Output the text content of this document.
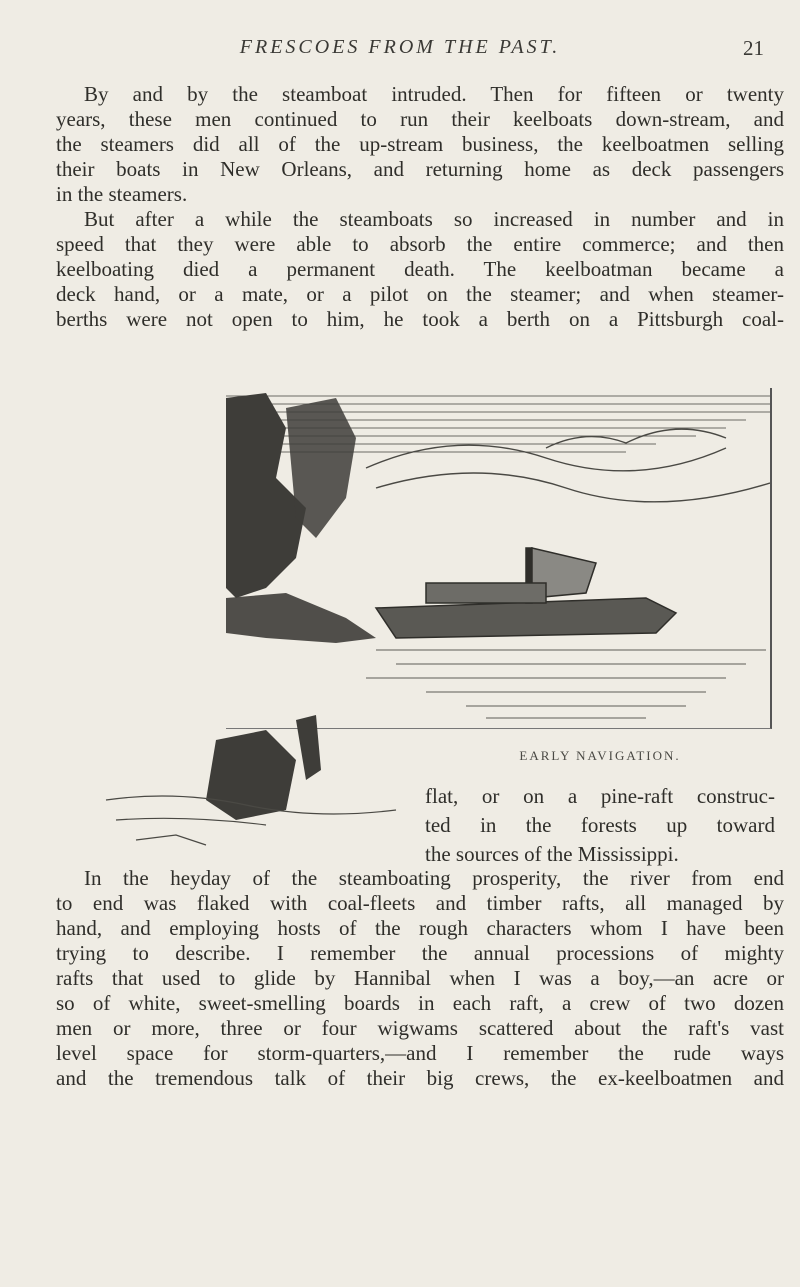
FRESCOES FROM THE PAST.	21
By and by the steamboat intruded. Then for fifteen or twenty
years, these men continued to run their keelboats down-stream, and
the steamers did all of the up-stream business, the keelboatmen selling
their boats in New Orleans, and returning home as deck passengers
in the steamers.
But after a while the steamboats so increased in number and in
speed that they were able to absorb the entire commerce; and then
keelboating died a permanent death. The keelboatman became a
deck hand, or a mate, or a pilot on the steamer; and when steamer-
berths were not open to him, he took a berth on a Pittsburgh coal-
EARLY NAVIGATION.
flat, or on a pine-raft construc-
ted in the forests up toward
the sources of the Mississippi.
In the heyday of the steamboating prosperity, the river from end
to end was flaked with coal-fleets and timber rafts, all managed by
hand, and employing hosts of the rough characters whom I have been
trying to describe. I remember the annual processions of mighty
rafts that used to glide by Hannibal when I was a boy,—an acre or
so of white, sweet-smelling boards in each raft, a crew of two dozen
men or more, three or four wigwams scattered about the raft's vast
level space for storm-quarters,—and I remember the rude ways
and the tremendous talk of their big crews, the ex-keelboatmen and
